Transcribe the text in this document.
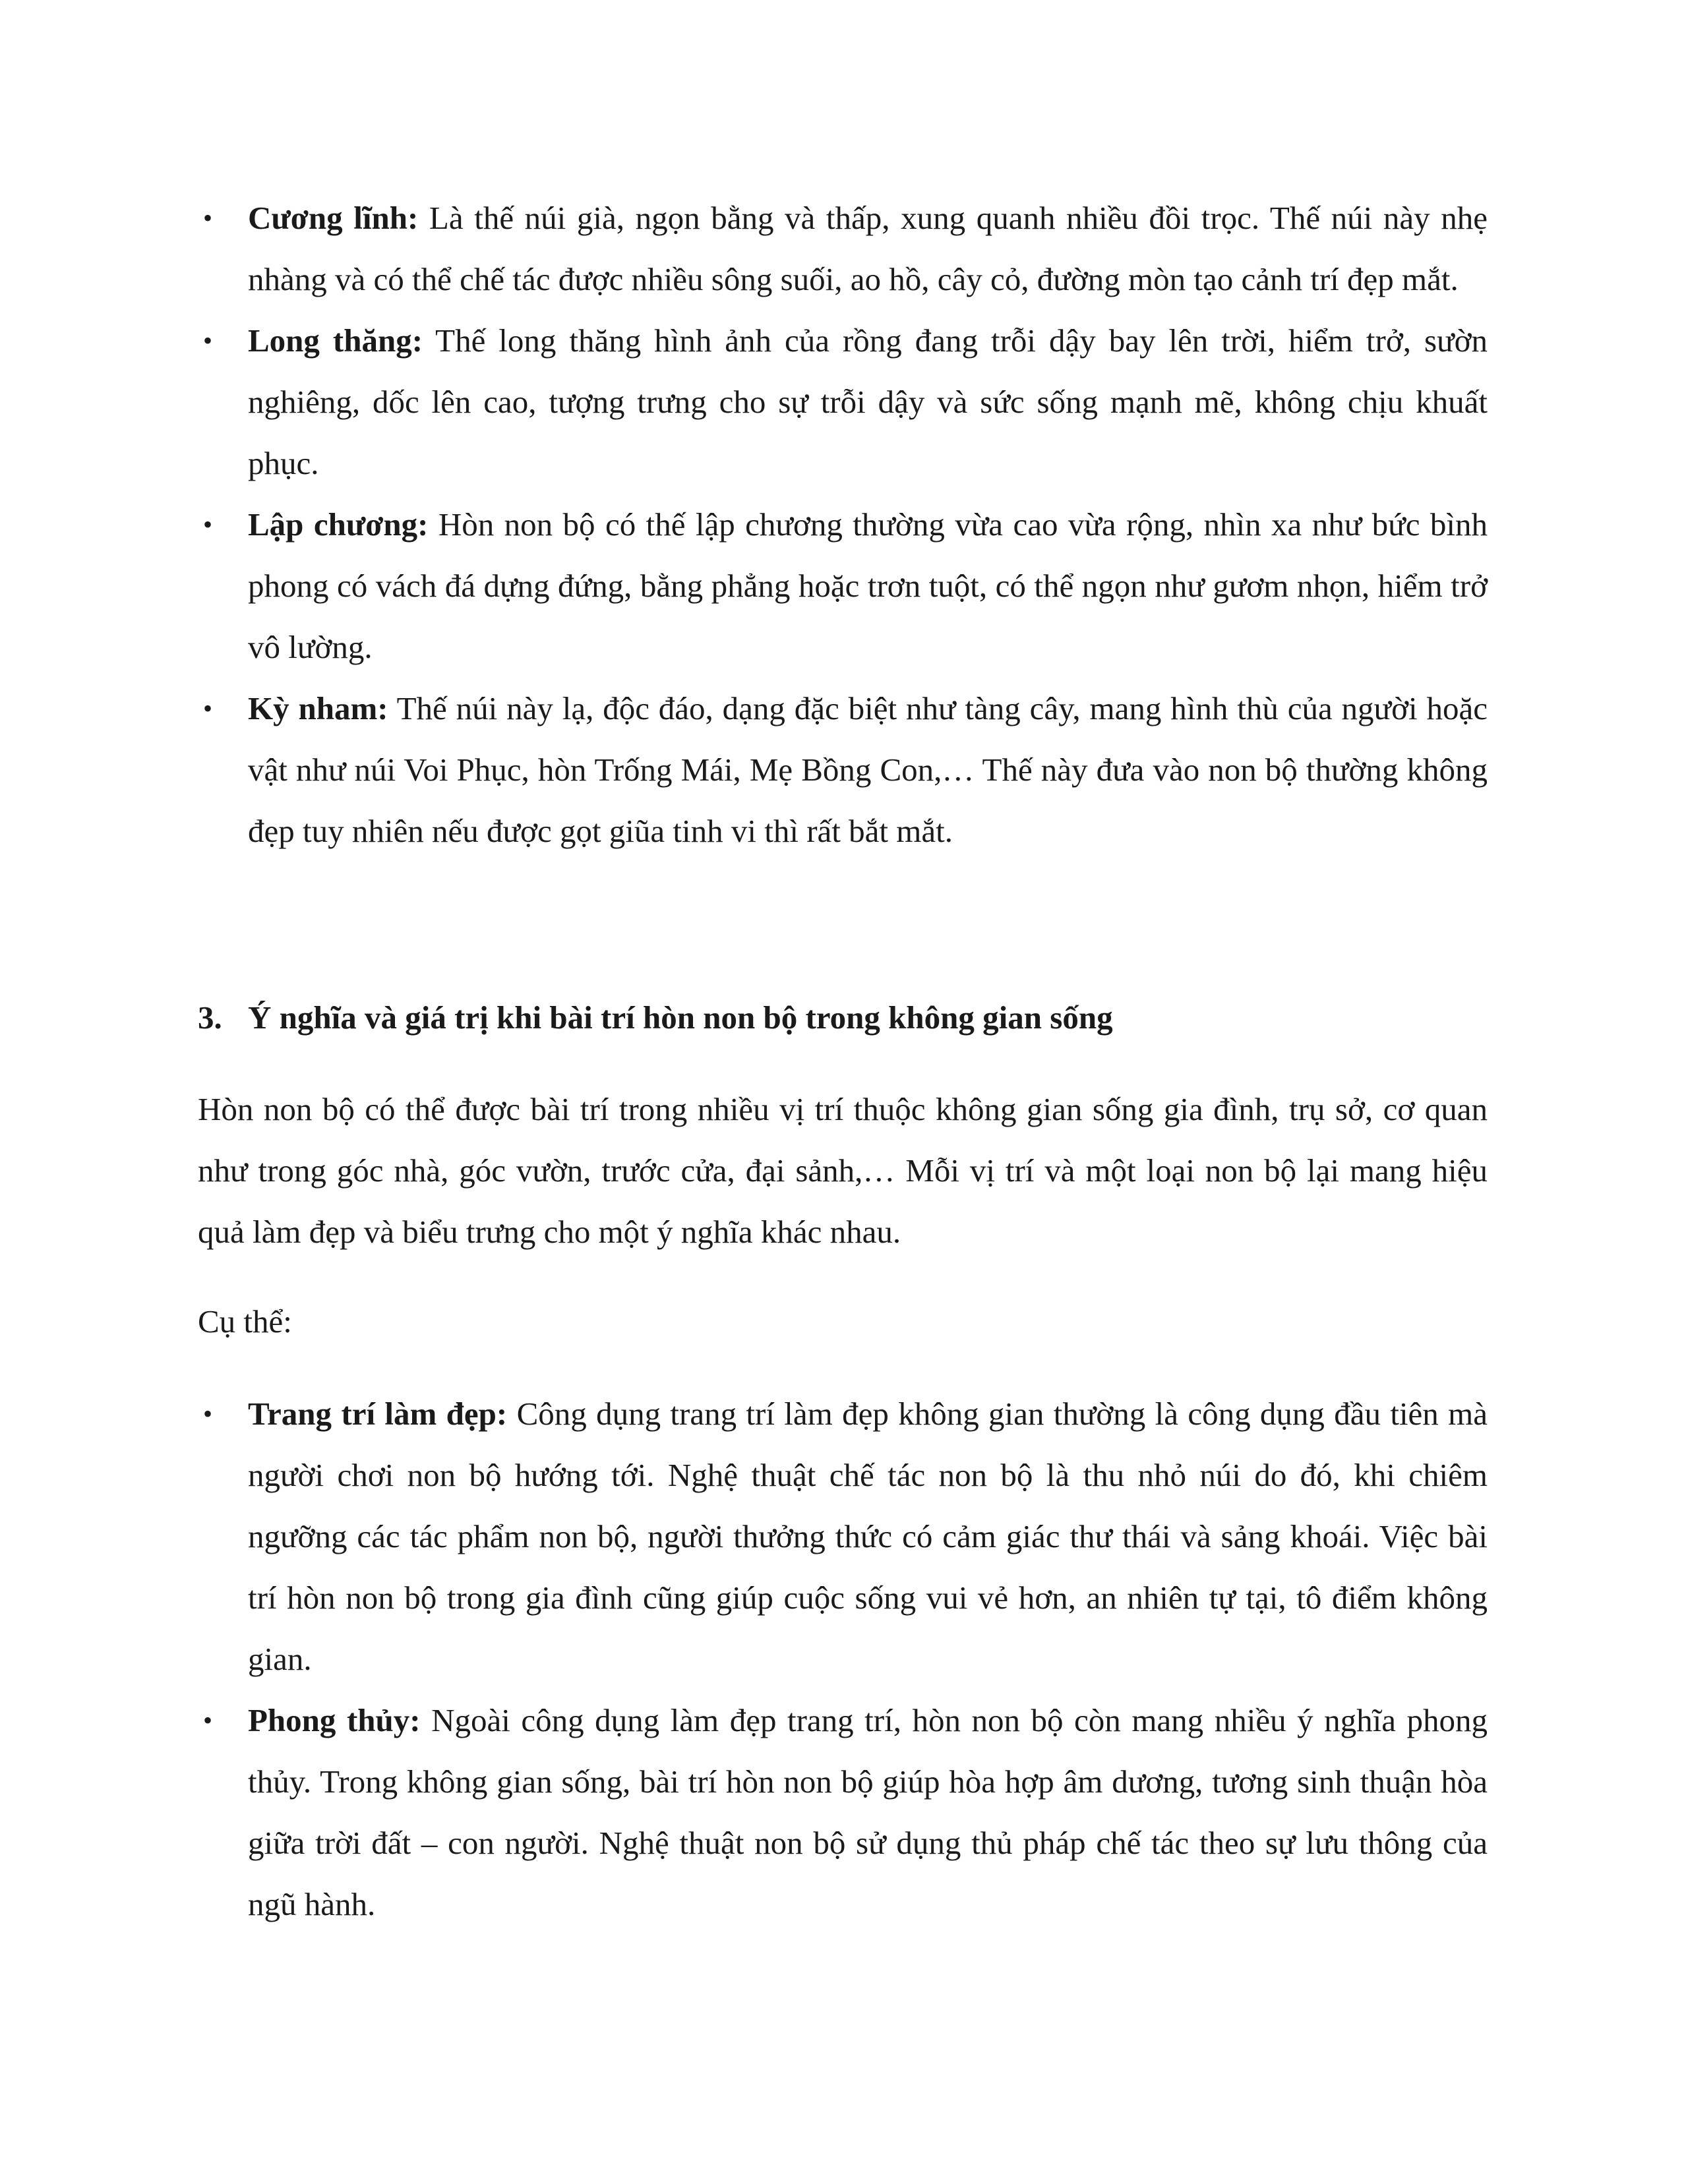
• Cương lĩnh: Là thế núi già, ngọn bằng và thấp, xung quanh nhiều đồi trọc. Thế núi này nhẹ nhàng và có thể chế tác được nhiều sông suối, ao hồ, cây cỏ, đường mòn tạo cảnh trí đẹp mắt.
• Long thăng: Thế long thăng hình ảnh của rồng đang trỗi dậy bay lên trời, hiểm trở, sườn nghiêng, dốc lên cao, tượng trưng cho sự trỗi dậy và sức sống mạnh mẽ, không chịu khuất phục.
• Lập chương: Hòn non bộ có thế lập chương thường vừa cao vừa rộng, nhìn xa như bức bình phong có vách đá dựng đứng, bằng phẳng hoặc trơn tuột, có thể ngọn như gươm nhọn, hiểm trở vô lường.
• Kỳ nham: Thế núi này lạ, độc đáo, dạng đặc biệt như tàng cây, mang hình thù của người hoặc vật như núi Voi Phục, hòn Trống Mái, Mẹ Bồng Con,… Thế này đưa vào non bộ thường không đẹp tuy nhiên nếu được gọt giũa tinh vi thì rất bắt mắt.
3. Ý nghĩa và giá trị khi bài trí hòn non bộ trong không gian sống

Hòn non bộ có thể được bài trí trong nhiều vị trí thuộc không gian sống gia đình, trụ sở, cơ quan như trong góc nhà, góc vườn, trước cửa, đại sảnh,… Mỗi vị trí và một loại non bộ lại mang hiệu quả làm đẹp và biểu trưng cho một ý nghĩa khác nhau.

Cụ thể:

• Trang trí làm đẹp: Công dụng trang trí làm đẹp không gian thường là công dụng đầu tiên mà người chơi non bộ hướng tới. Nghệ thuật chế tác non bộ là thu nhỏ núi do đó, khi chiêm ngưỡng các tác phẩm non bộ, người thưởng thức có cảm giác thư thái và sảng khoái. Việc bài trí hòn non bộ trong gia đình cũng giúp cuộc sống vui vẻ hơn, an nhiên tự tại, tô điểm không gian.
• Phong thủy: Ngoài công dụng làm đẹp trang trí, hòn non bộ còn mang nhiều ý nghĩa phong thủy. Trong không gian sống, bài trí hòn non bộ giúp hòa hợp âm dương, tương sinh thuận hòa giữa trời đất – con người. Nghệ thuật non bộ sử dụng thủ pháp chế tác theo sự lưu thông của ngũ hành.
